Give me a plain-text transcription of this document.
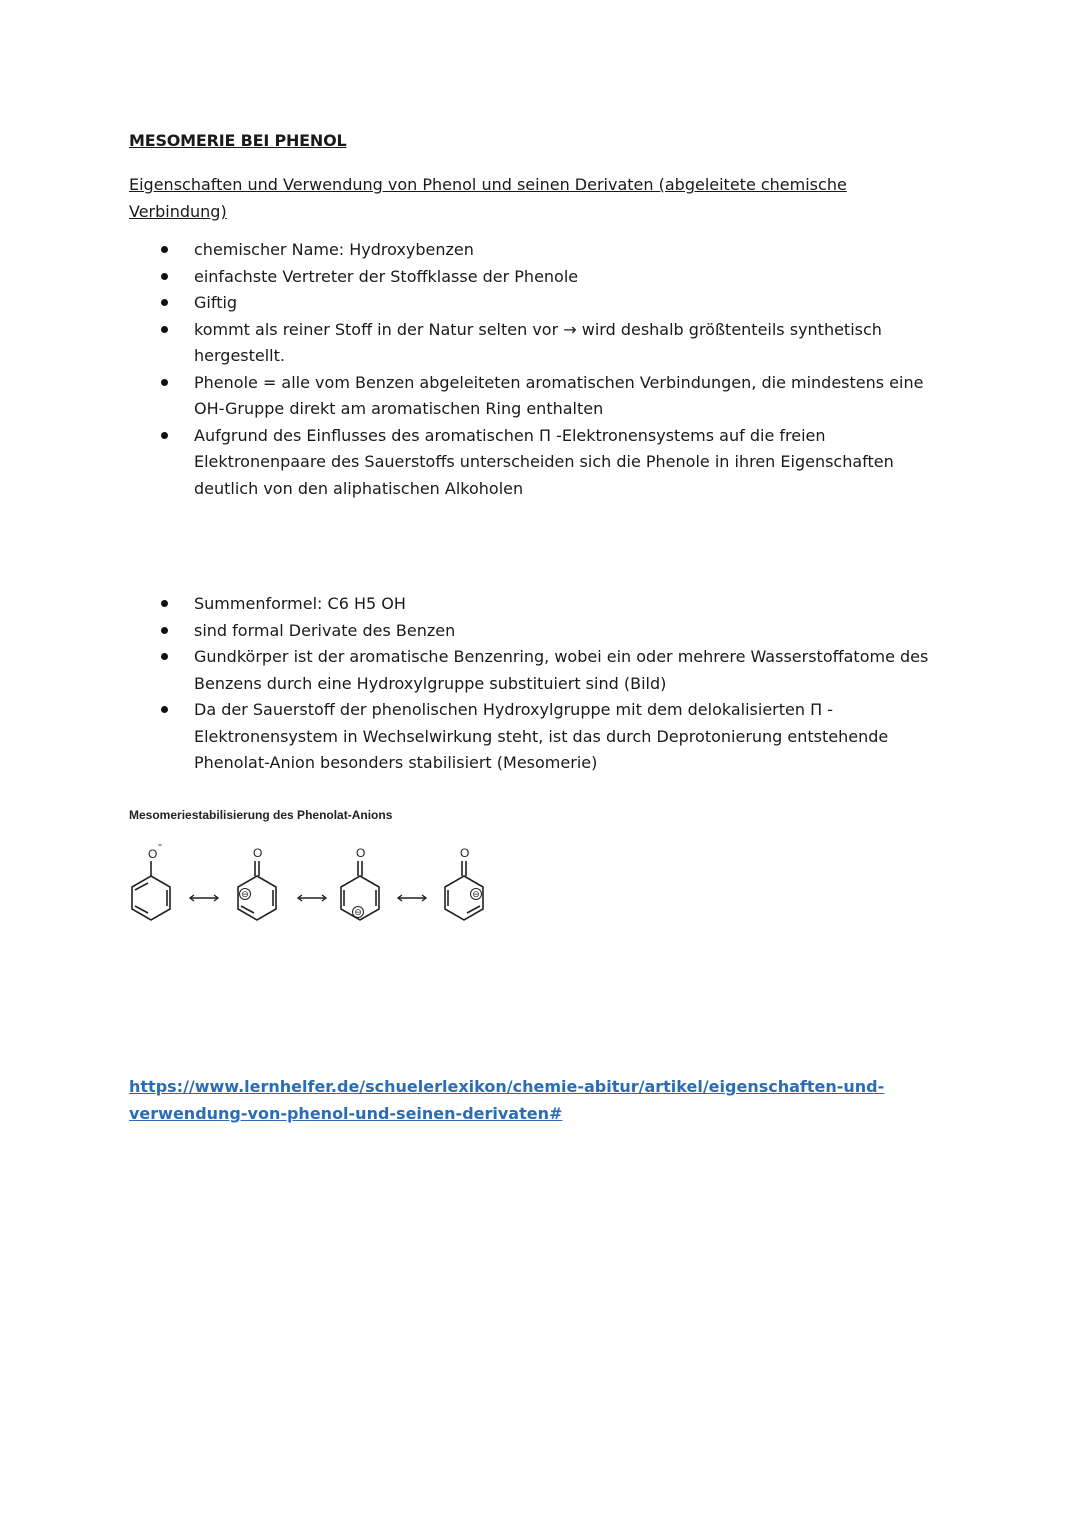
MESOMERIE BEI PHENOL

Eigenschaften und Verwendung von Phenol und seinen Derivaten (abgeleitete chemische Verbindung)

chemischer Name: Hydroxybenzen
einfachste Vertreter der Stoffklasse der Phenole
Giftig
kommt als reiner Stoff in der Natur selten vor → wird deshalb größtenteils synthetisch hergestellt.
Phenole = alle vom Benzen abgeleiteten aromatischen Verbindungen, die mindestens eine OH-Gruppe direkt am aromatischen Ring enthalten
Aufgrund des Einflusses des aromatischen Π -Elektronensystems auf die freien Elektronenpaare des Sauerstoffs unterscheiden sich die Phenole in ihren Eigenschaften deutlich von den aliphatischen Alkoholen
Summenformel: C6 H5 OH
sind formal Derivate des Benzen
Gundkörper ist der aromatische Benzenring, wobei ein oder mehrere Wasserstoffatome des Benzens durch eine Hydroxylgruppe substituiert sind (Bild)
Da der Sauerstoff der phenolischen Hydroxylgruppe mit dem delokalisierten Π -Elektronensystem in Wechselwirkung steht, ist das durch Deprotonierung entstehende Phenolat-Anion besonders stabilisiert (Mesomerie)

Mesomeriestabilisierung des Phenolat-Anions

O
-
O
⊖
O
⊖
O
⊖

https://www.lernhelfer.de/schuelerlexikon/chemie-abitur/artikel/eigenschaften-und-verwendung-von-phenol-und-seinen-derivaten#
